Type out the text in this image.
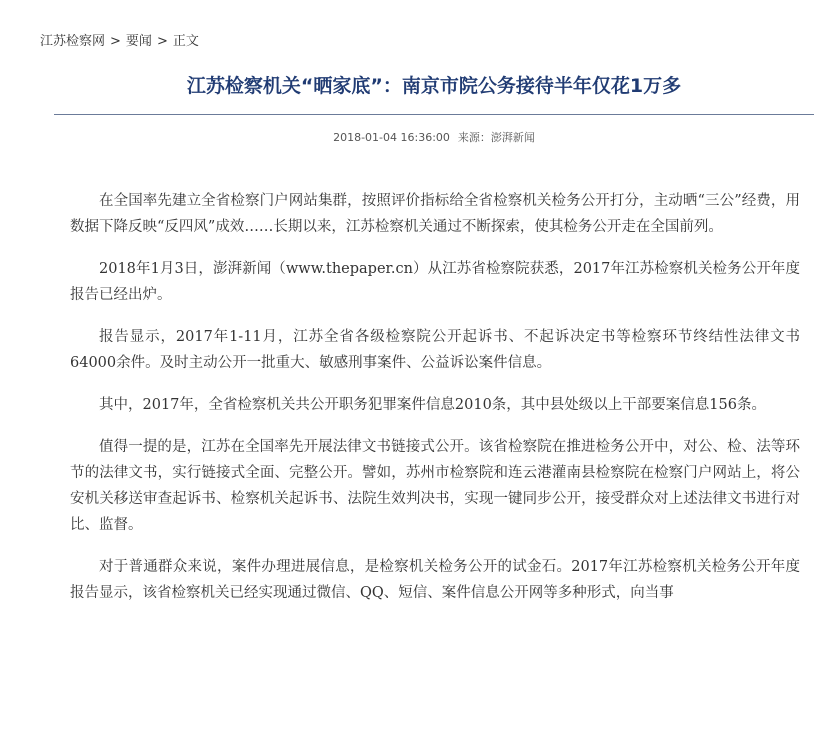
江苏检察网 > 要闻 > 正文
江苏检察机关“晒家底”：南京市院公务接待半年仅花1万多
2018-01-04 16:36:00 来源：澎湃新闻

在全国率先建立全省检察门户网站集群，按照评价指标给全省检察机关检务公开打分，主动晒“三公”经费，用数据下降反映“反四风”成效……长期以来，江苏检察机关通过不断探索，使其检务公开走在全国前列。

2018年1月3日，澎湃新闻（www.thepaper.cn）从江苏省检察院获悉，2017年江苏检察机关检务公开年度报告已经出炉。

报告显示，2017年1-11月，江苏全省各级检察院公开起诉书、不起诉决定书等检察环节终结性法律文书64000余件。及时主动公开一批重大、敏感刑事案件、公益诉讼案件信息。

其中，2017年，全省检察机关共公开职务犯罪案件信息2010条，其中县处级以上干部要案信息156条。

值得一提的是，江苏在全国率先开展法律文书链接式公开。该省检察院在推进检务公开中，对公、检、法等环节的法律文书，实行链接式全面、完整公开。譬如，苏州市检察院和连云港灌南县检察院在检察门户网站上，将公安机关移送审查起诉书、检察机关起诉书、法院生效判决书，实现一键同步公开，接受群众对上述法律文书进行对比、监督。

对于普通群众来说，案件办理进展信息，是检察机关检务公开的试金石。2017年江苏检察机关检务公开年度报告显示，该省检察机关已经实现通过微信、QQ、短信、案件信息公开网等多种形式，向当事
